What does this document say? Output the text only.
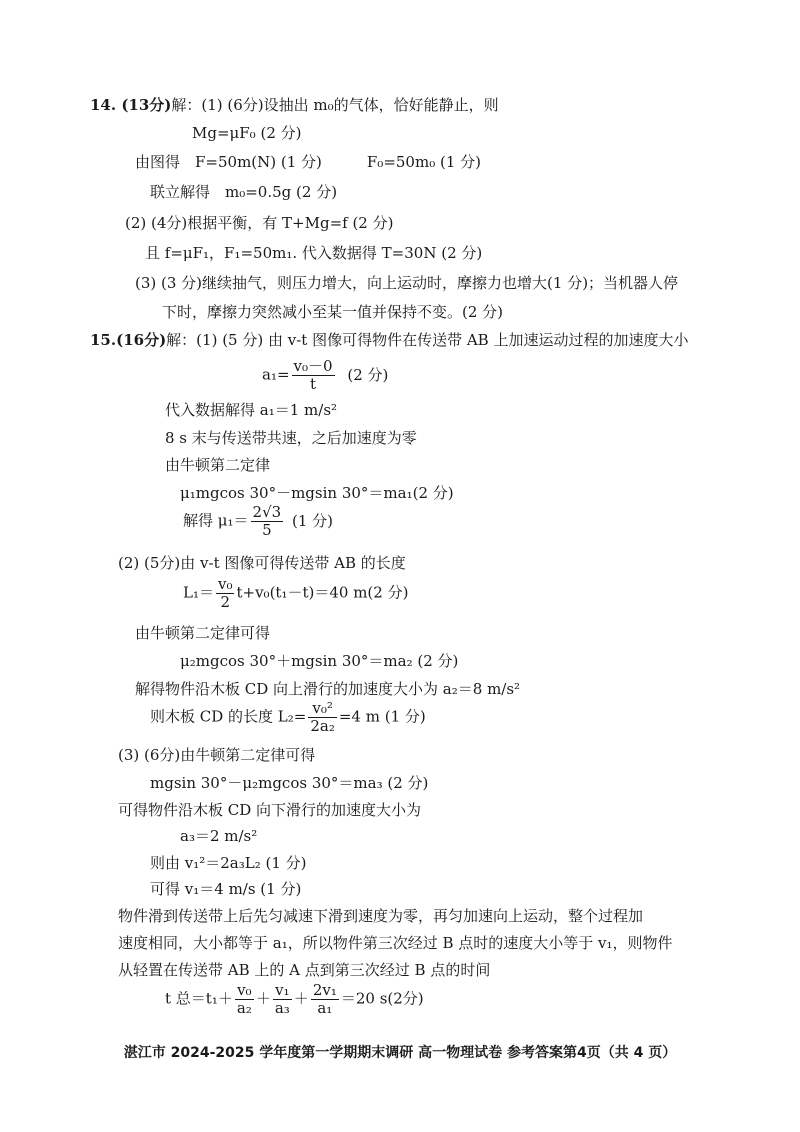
14. (13分)解：(1) (6分)设抽出 m₀的气体，恰好能静止，则
Mg=μF₀ (2 分)
由图得　F=50m(N) (1 分)　　　F₀=50m₀ (1 分)
联立解得　m₀=0.5g (2 分)
(2) (4分)根据平衡，有 T+Mg=f (2 分)
且 f=μF₁，F₁=50m₁. 代入数据得 T=30N (2 分)
(3) (3 分)继续抽气，则压力增大，向上运动时，摩擦力也增大(1 分)；当机器人停
下时，摩擦力突然减小至某一值并保持不变。(2 分)
15.(16分)解：(1) (5 分) 由 v-t 图像可得物件在传送带 AB 上加速运动过程的加速度大小
$a_1= \frac{\text{v₀－0}}{t} (2$ 分)
代入数据解得 a₁＝1 m/s²
8 s 末与传送带共速，之后加速度为零
由牛顿第二定律
μ₁mgcos 30°－mgsin 30°＝ma₁(2 分)
解得 $\mu_1= \frac{2√3}{5} (1$ 分)
(2) (5分)由 v-t 图像可得传送带 AB 的长度
$L_1= \frac{\text{v₀}}{2} t+v_0(t_1-t)=40$ m(2 分)
由牛顿第二定律可得
μ₂mgcos 30°＋mgsin 30°＝ma₂ (2 分)
解得物件沿木板 CD 向上滑行的加速度大小为 a₂＝8 m/s²
则木板 CD 的长度 $L_2= \frac{\text{v₀²}}{\text{2a₂}} =4$ m (1 分)
(3) (6分)由牛顿第二定律可得
mgsin 30°－μ₂mgcos 30°＝ma₃ (2 分)
可得物件沿木板 CD 向下滑行的加速度大小为
a₃＝2 m/s²
则由 v₁²＝2a₃L₂ (1 分)
可得 v₁＝4 m/s (1 分)
物件滑到传送带上后先匀减速下滑到速度为零，再匀加速向上运动，整个过程加
速度相同，大小都等于 a₁，所以物件第三次经过 B 点时的速度大小等于 v₁，则物件
从轻置在传送带 AB 上的 A 点到第三次经过 B 点的时间
t 总$=t_1+ \frac{\text{v₀}}{\text{a₂}} + \frac{\text{v₁}}{\text{a₃}} + \frac{\text{2v₁}}{\text{a₁}} =20$ s(2分)
湛江市 2024-2025 学年度第一学期期末调研 高一物理试卷 参考答案第4页（共 4 页）
